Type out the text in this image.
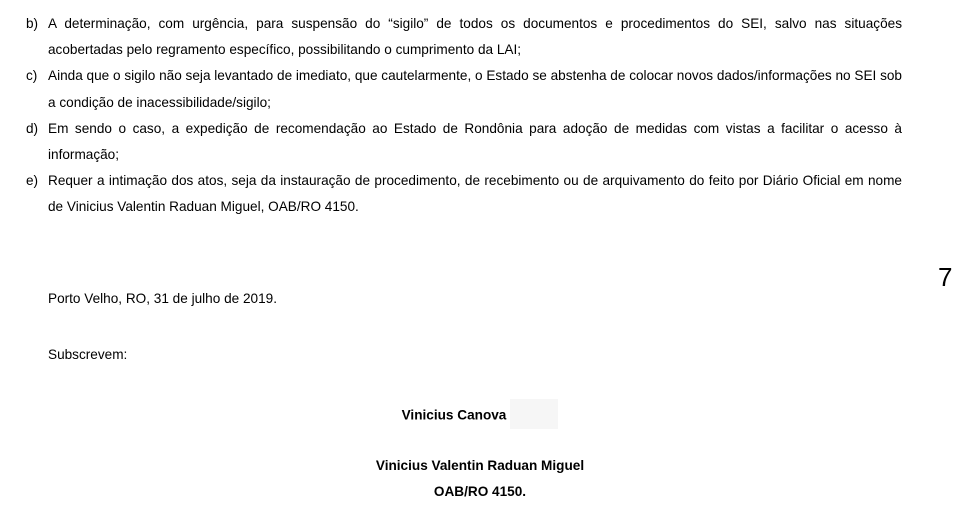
b) A determinação, com urgência, para suspensão do “sigilo” de todos os documentos e procedimentos do SEI, salvo nas situações acobertadas pelo regramento específico, possibilitando o cumprimento da LAI;
c) Ainda que o sigilo não seja levantado de imediato, que cautelarmente, o Estado se abstenha de colocar novos dados/informações no SEI sob a condição de inacessibilidade/sigilo;
d) Em sendo o caso, a expedição de recomendação ao Estado de Rondônia para adoção de medidas com vistas a facilitar o acesso à informação;
e) Requer a intimação dos atos, seja da instauração de procedimento, de recebimento ou de arquivamento do feito por Diário Oficial em nome de Vinicius Valentin Raduan Miguel, OAB/RO 4150.
7
Porto Velho, RO, 31 de julho de 2019.
Subscrevem:
Vinicius Canova
Vinicius Valentin Raduan Miguel
OAB/RO 4150.
